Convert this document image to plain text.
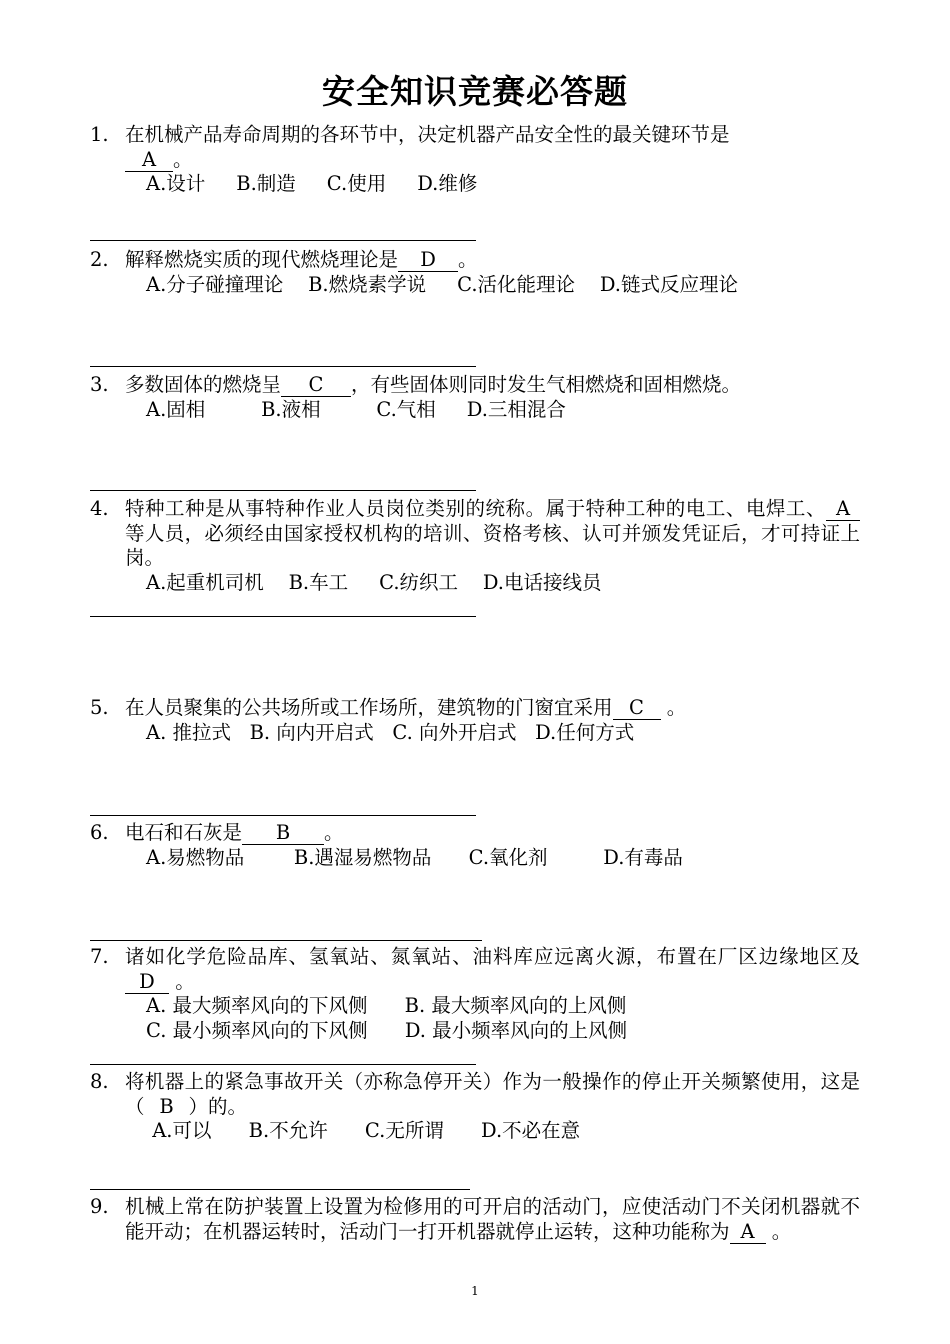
安全知识竞赛必答题
1. 在机械产品寿命周期的各环节中，决定机器产品安全性的最关键环节是
A 。
A.设计     B.制造     C.使用     D.维修
2. 解释燃烧实质的现代燃烧理论是 D 。
A.分子碰撞理论    B.燃烧素学说     C.活化能理论    D.链式反应理论
3. 多数固体的燃烧呈 C ，有些固体则同时发生气相燃烧和固相燃烧。
A.固相         B.液相         C.气相     D.三相混合
4. 特种工种是从事特种作业人员岗位类别的统称。属于特种工种的电工、电焊工、 A等人员，必须经由国家授权机构的培训、资格考核、认可并颁发凭证后，才可持证上岗。
A.起重机司机    B.车工     C.纺织工    D.电话接线员
5. 在人员聚集的公共场所或工作场所，建筑物的门窗宜采用 C 。
A. 推拉式   B. 向内开启式   C. 向外开启式   D.任何方式
6. 电石和石灰是 B 。
A.易燃物品        B.遇湿易燃物品      C.氧化剂         D.有毒品
7. 诸如化学危险品库、氢氧站、氮氧站、油料库应远离火源，布置在厂区边缘地区及D 。
A. 最大频率风向的下风侧      B. 最大频率风向的上风侧
C. 最小频率风向的下风侧      D. 最小频率风向的上风侧
8. 将机器上的紧急事故开关（亦称急停开关）作为一般操作的停止开关频繁使用，这是（ B ）的。
A.可以      B.不允许      C.无所谓      D.不必在意
9. 机械上常在防护装置上设置为检修用的可开启的活动门，应使活动门不关闭机器就不能开动；在机器运转时，活动门一打开机器就停止运转，这种功能称为 A 。
1
